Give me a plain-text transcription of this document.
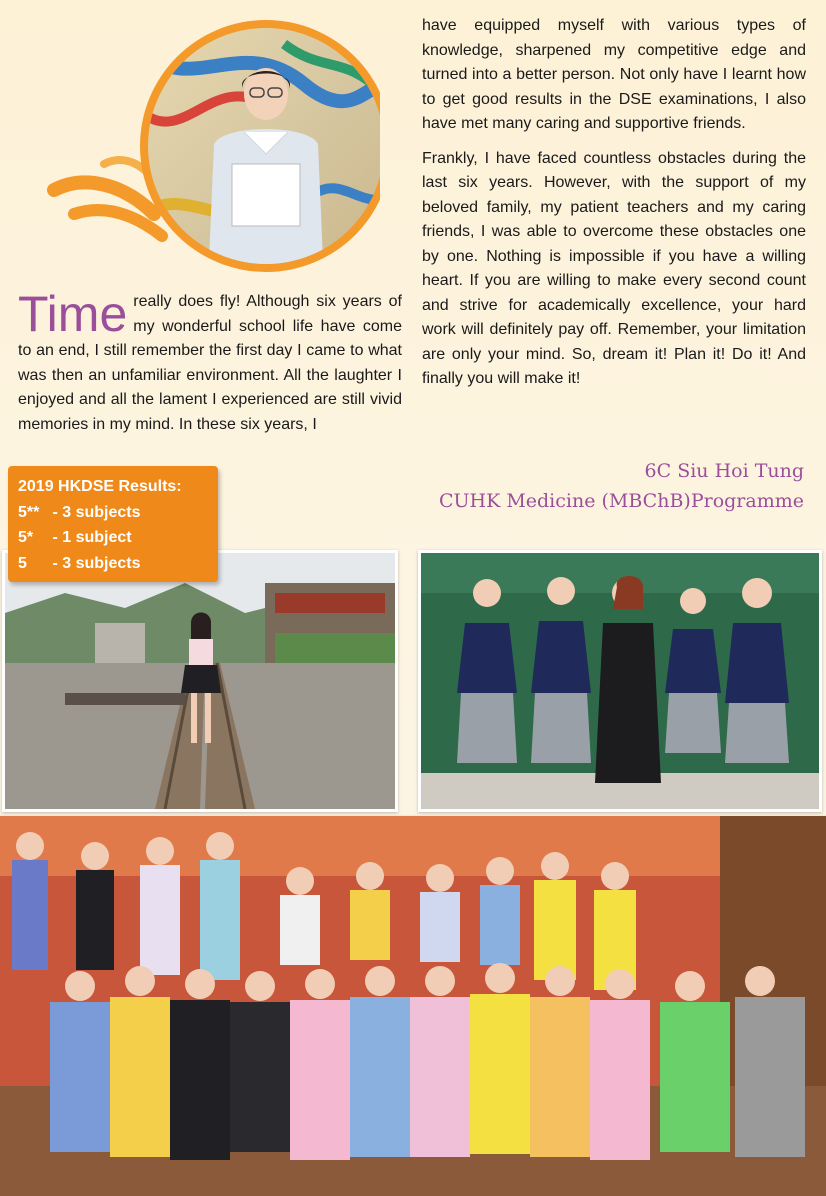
Time really does fly! Although six years of my wonderful school life have come to an end, I still remember the first day I came to what was then an unfamiliar environment. All the laughter I enjoyed and all the lament I experienced are still vivid memories in my mind. In these six years, I

have equipped myself with various types of knowledge, sharpened my competitive edge and turned into a better person. Not only have I learnt how to get good results in the DSE examinations, I also have met many caring and supportive friends.

Frankly, I have faced countless obstacles during the last six years. However, with the support of my beloved family, my patient teachers and my caring friends, I was able to overcome these obstacles one by one. Nothing is impossible if you have a willing heart. If you are willing to make every second count and strive for academically excellence, your hard work will definitely pay off. Remember, your limitation are only your mind. So, dream it! Plan it! Do it! And finally you will make it!

6C Siu Hoi Tung
CUHK Medicine (MBChB)Programme
2019 HKDSE Results:
5** - 3 subjects
5* - 1 subject
5 - 3 subjects
